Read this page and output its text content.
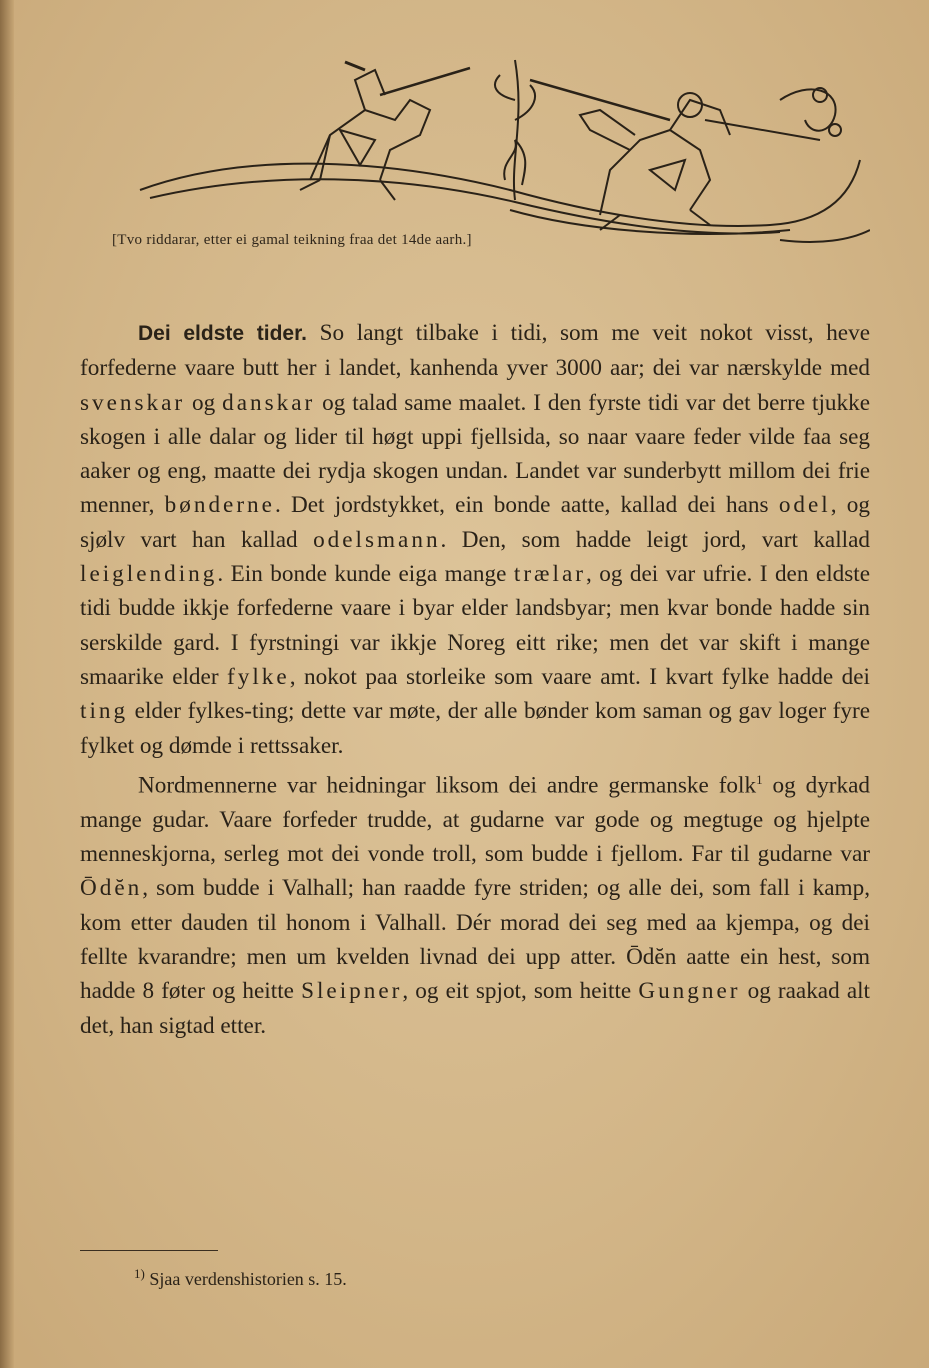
[Tvo riddarar, etter ei gamal teikning fraa det 14de aarh.]

Dei eldste tider. So langt tilbake i tidi, som me veit nokot visst, heve forfederne vaare butt her i landet, kanhenda yver 3000 aar; dei var nærskylde med svenskar og danskar og talad same maalet. I den fyrste tidi var det berre tjukke skogen i alle dalar og lider til høgt uppi fjellsida, so naar vaare feder vilde faa seg aaker og eng, maatte dei rydja skogen undan. Landet var sunderbytt millom dei frie menner, bønderne. Det jordstykket, ein bonde aatte, kallad dei hans odel, og sjølv vart han kallad odelsmann. Den, som hadde leigt jord, vart kallad leiglending. Ein bonde kunde eiga mange trælar, og dei var ufrie. I den eldste tidi budde ikkje forfederne vaare i byar elder landsbyar; men kvar bonde hadde sin serskilde gard. I fyrstningi var ikkje Noreg eitt rike; men det var skift i mange smaarike elder fylke, nokot paa storleike som vaare amt. I kvart fylke hadde dei ting elder fylkes-ting; dette var møte, der alle bønder kom saman og gav loger fyre fylket og dømde i rettssaker.

Nordmennerne var heidningar liksom dei andre germanske folk$^1$ og dyrkad mange gudar. Vaare forfeder trudde, at gudarne var gode og megtuge og hjelpte menneskjorna, serleg mot dei vonde troll, som budde i fjellom. Far til gudarne var Ōdĕn, som budde i Valhall; han raadde fyre striden; og alle dei, som fall i kamp, kom etter dauden til honom i Valhall. Dér morad dei seg med aa kjempa, og dei fellte kvarandre; men um kvelden livnad dei upp atter. Ōdĕn aatte ein hest, som hadde 8 føter og heitte Sleipner, og eit spjot, som heitte Gungner og raakad alt det, han sigtad etter.

$^{1)}$ Sjaa verdenshistorien s. 15.
